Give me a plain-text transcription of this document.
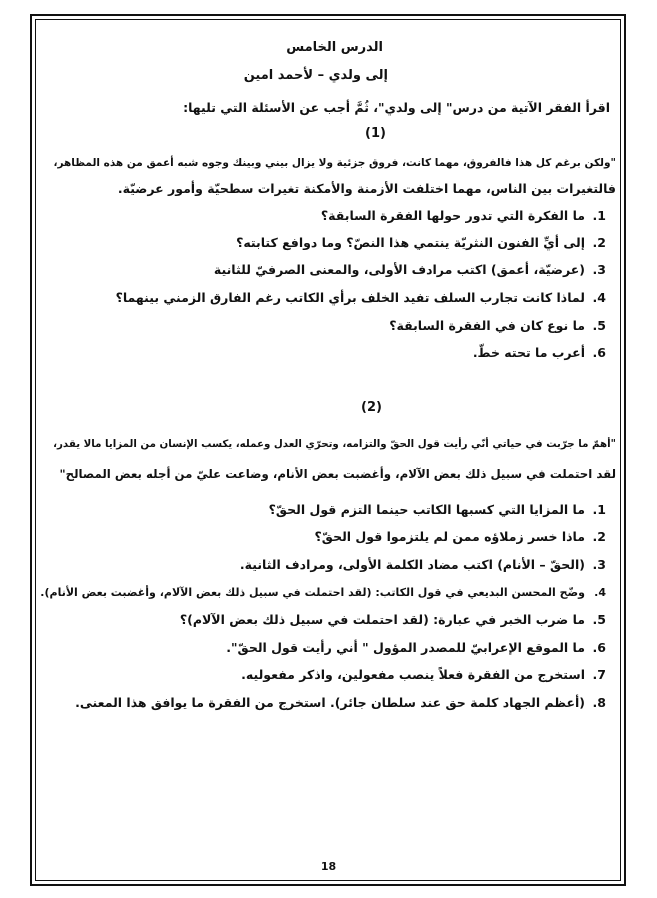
الدرس الخامس
إلى ولدي – لأحمد امين
اقرأ الفقر الآتية من درس" إلى ولدي"، ثُمَّ أجب عن الأسئلة التي تليها:
(1)
"ولكن برغم كل هذا فالفروق، مهما كانت، فروق جزئية ولا يزال بيني وبينك وجوه شبه أعمق من هذه المظاهر،
فالتغيرات بين الناس، مهما اختلفت الأزمنة والأمكنة تغيرات سطحيّة وأمور عرضيّة.
1.ما الفكرة التي تدور حولها الفقرة السابقة؟
2.إلى أيِّ الفنون النثريّة ينتمي هذا النصّ؟ وما دوافع كتابته؟
3.(عرضيّة، أعمق) اكتب مرادف الأولى، والمعنى الصرفيّ للثانية
4.لماذا كانت تجارب السلف تفيد الخلف برأي الكاتب رغم الفارق الزمني بينهما؟
5.ما نوع كان في الفقرة السابقة؟
6.أعرب ما تحته خطّ.
(2)
"أهمّ ما جرّبت في حياتي أنّي رأيت قول الحقّ والتزامه، وتحرّي العدل وعمله، يكسب الإنسان من المزايا مالا يقدر،
لقد احتملت في سبيل ذلك بعض الآلام، وأغضبت بعض الأنام، وضاعت عليّ من أجله بعض المصالح"
1.ما المزايا التي كسبها الكاتب حينما التزم قول الحقّ؟
2.ماذا خسر زملاؤه ممن لم يلتزموا قول الحقّ؟
3.(الحقّ – الأنام) اكتب مضاد الكلمة الأولى، ومرادف الثانية.
4.وضّح المحسن البديعي في قول الكاتب: (لقد احتملت في سبيل ذلك بعض الآلام، وأغضبت بعض الأنام).
5.ما ضرب الخبر في عبارة: (لقد احتملت في سبيل ذلك بعض الآلام)؟
6.ما الموقع الإعرابيّ للمصدر المؤول " أني رأيت قول الحقّ".
7.استخرج من الفقرة فعلاً ينصب مفعولين، واذكر مفعوليه.
8.(أعظم الجهاد كلمة حق عند سلطان جائر). استخرج من الفقرة ما يوافق هذا المعنى.
18
